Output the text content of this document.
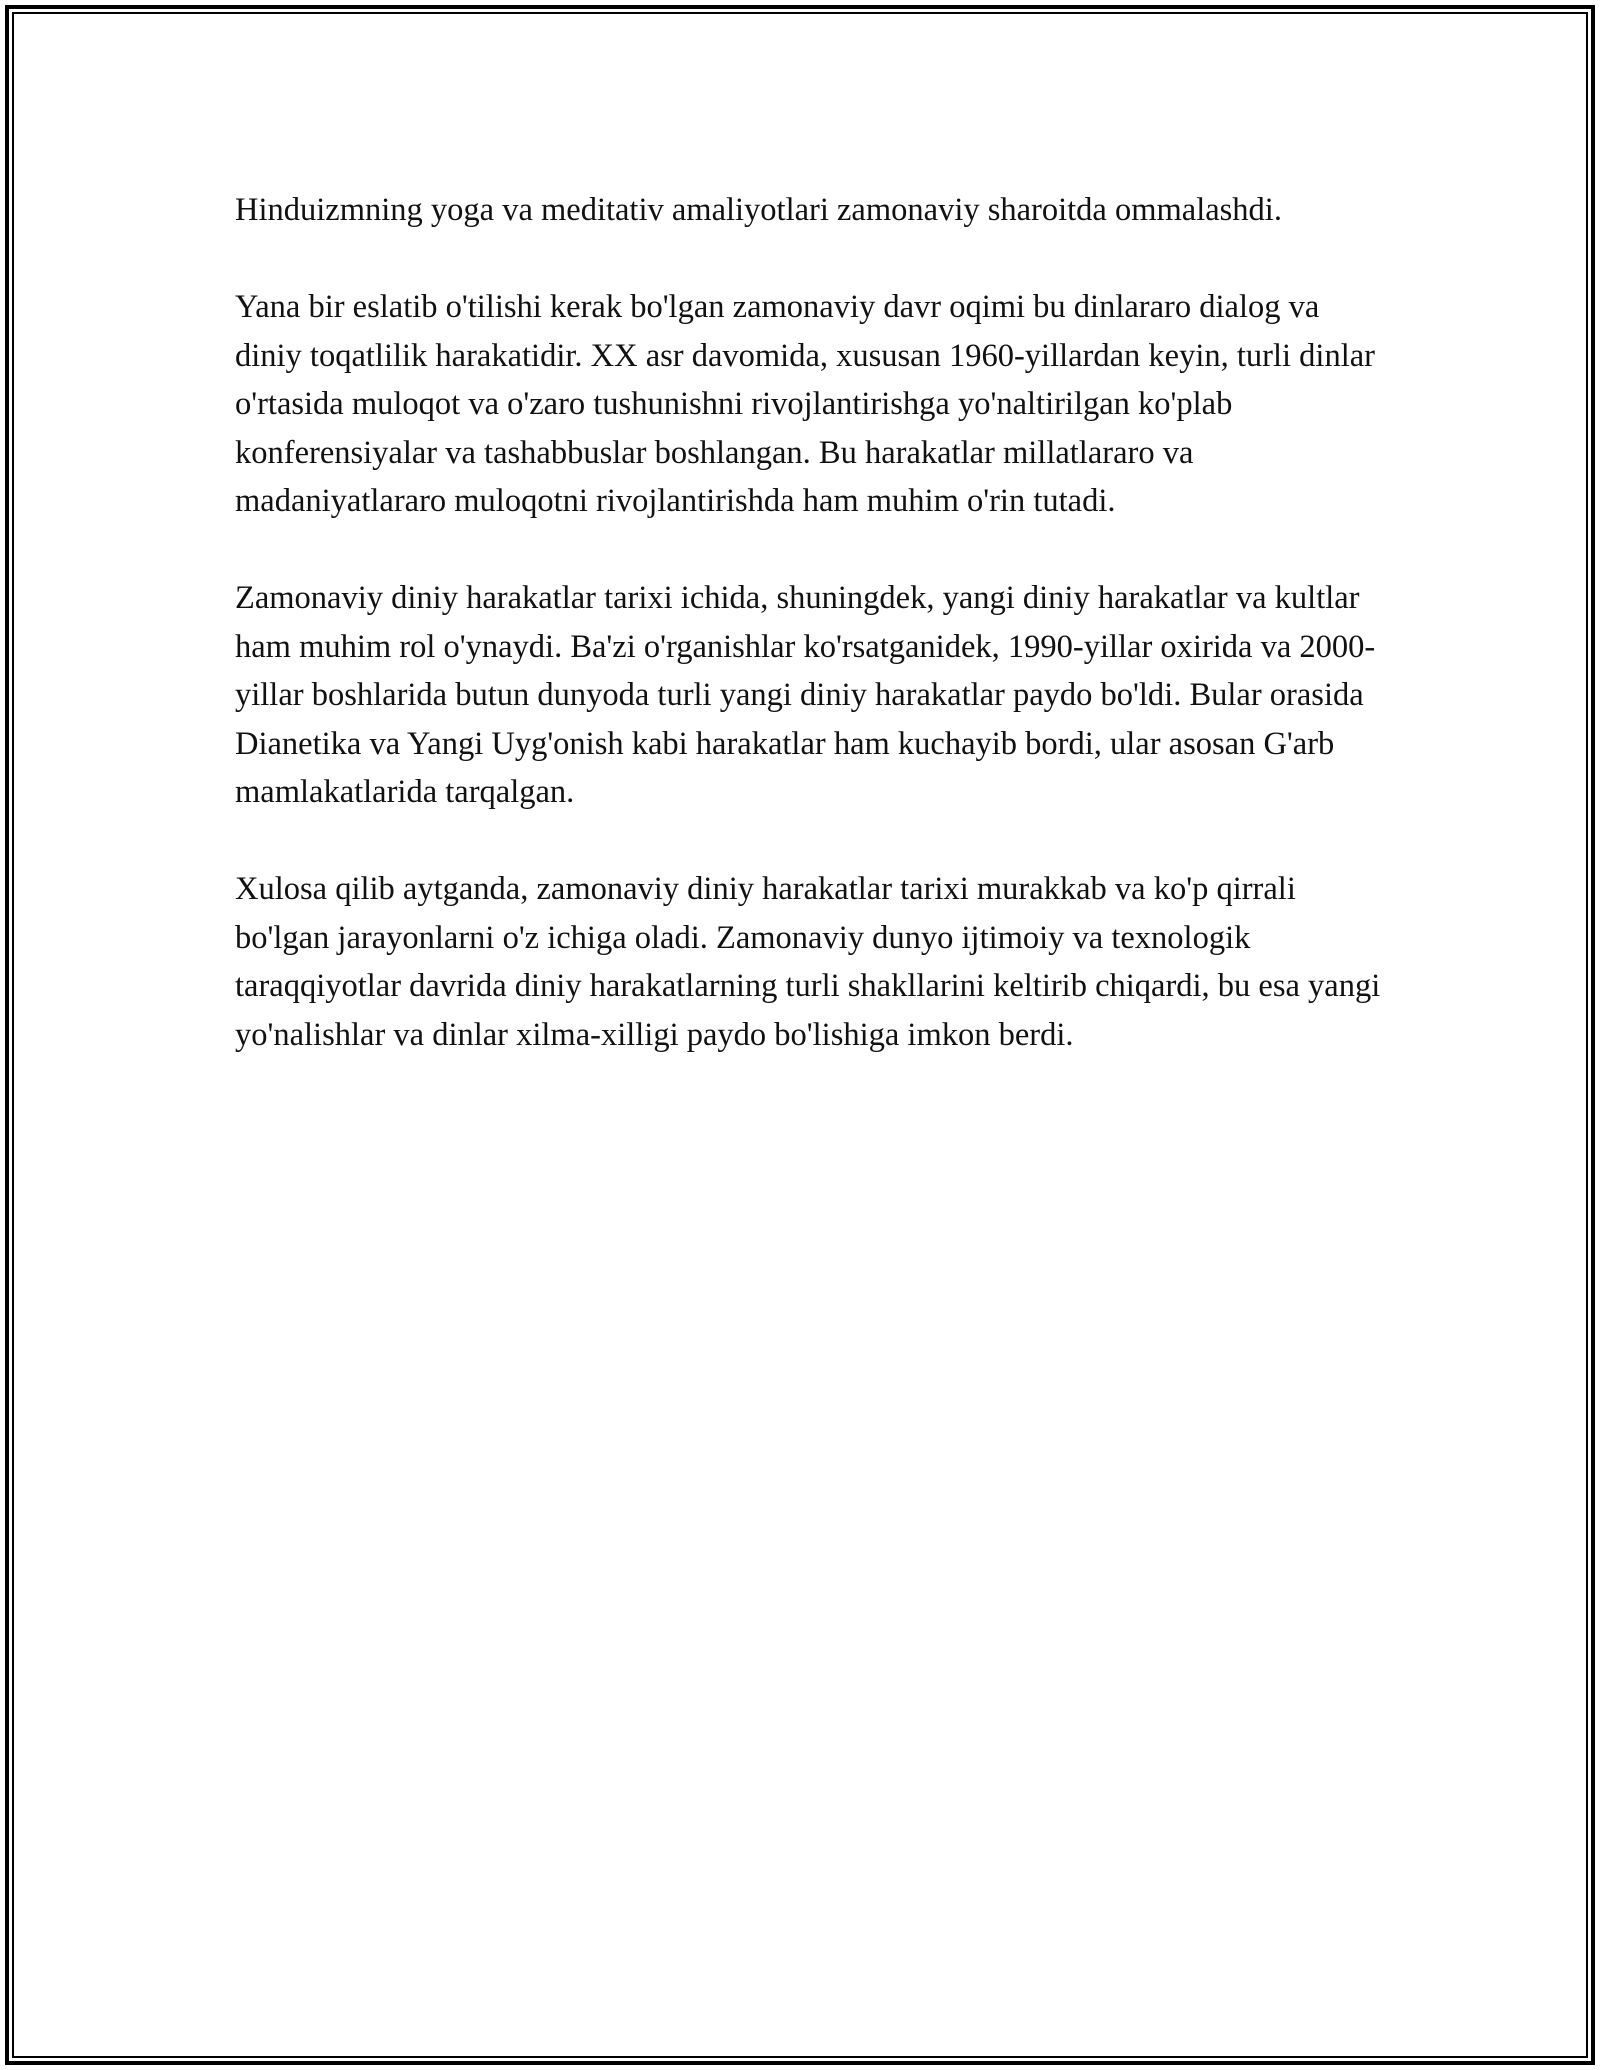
Hinduizmning yoga va meditativ amaliyotlari zamonaviy sharoitda ommalashdi.

Yana bir eslatib o'tilishi kerak bo'lgan zamonaviy davr oqimi bu dinlararo dialog va diniy toqatlilik harakatidir. XX asr davomida, xususan 1960-yillardan keyin, turli dinlar o'rtasida muloqot va o'zaro tushunishni rivojlantirishga yo'naltirilgan ko'plab konferensiyalar va tashabbuslar boshlangan. Bu harakatlar millatlararo va madaniyatlararo muloqotni rivojlantirishda ham muhim o'rin tutadi.

Zamonaviy diniy harakatlar tarixi ichida, shuningdek, yangi diniy harakatlar va kultlar ham muhim rol o'ynaydi. Ba'zi o'rganishlar ko'rsatganidek, 1990-yillar oxirida va 2000-yillar boshlarida butun dunyoda turli yangi diniy harakatlar paydo bo'ldi. Bular orasida Dianetika va Yangi Uyg'onish kabi harakatlar ham kuchayib bordi, ular asosan G'arb mamlakatlarida tarqalgan.

Xulosa qilib aytganda, zamonaviy diniy harakatlar tarixi murakkab va ko'p qirrali bo'lgan jarayonlarni o'z ichiga oladi. Zamonaviy dunyo ijtimoiy va texnologik taraqqiyotlar davrida diniy harakatlarning turli shakllarini keltirib chiqardi, bu esa yangi yo'nalishlar va dinlar xilma-xilligi paydo bo'lishiga imkon berdi.
